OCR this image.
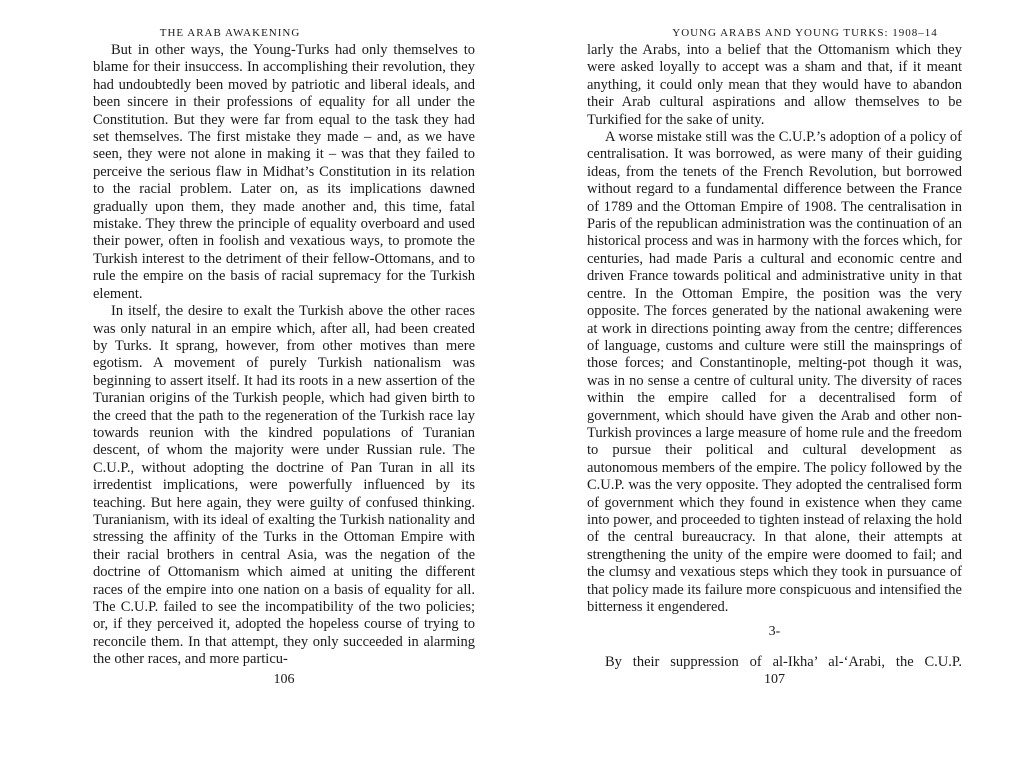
THE ARAB AWAKENING

But in other ways, the Young-Turks had only themselves to blame for their insuccess. In accomplishing their revolution, they had undoubtedly been moved by patriotic and liberal ideals, and been sincere in their professions of equality for all under the Constitution. But they were far from equal to the task they had set themselves. The first mistake they made – and, as we have seen, they were not alone in making it – was that they failed to perceive the serious flaw in Midhat’s Constitution in its relation to the racial problem. Later on, as its implications dawned gradually upon them, they made another and, this time, fatal mistake. They threw the principle of equality overboard and used their power, often in foolish and vexatious ways, to promote the Turkish interest to the detriment of their fellow-Ottomans, and to rule the empire on the basis of racial supremacy for the Turkish element.

In itself, the desire to exalt the Turkish above the other races was only natural in an empire which, after all, had been created by Turks. It sprang, however, from other motives than mere egotism. A movement of purely Turkish nationalism was beginning to assert itself. It had its roots in a new assertion of the Turanian origins of the Turkish people, which had given birth to the creed that the path to the regeneration of the Turkish race lay towards reunion with the kindred populations of Turanian descent, of whom the majority were under Russian rule. The C.U.P., without adopting the doctrine of Pan Turan in all its irredentist implications, were powerfully influenced by its teaching. But here again, they were guilty of confused thinking. Turanianism, with its ideal of exalting the Turkish nationality and stressing the affinity of the Turks in the Ottoman Empire with their racial brothers in central Asia, was the negation of the doctrine of Ottomanism which aimed at uniting the different races of the empire into one nation on a basis of equality for all. The C.U.P. failed to see the incompatibility of the two policies; or, if they perceived it, adopted the hopeless course of trying to reconcile them. In that attempt, they only succeeded in alarming the other races, and more particu-

106
YOUNG ARABS AND YOUNG TURKS: 1908–14

larly the Arabs, into a belief that the Ottomanism which they were asked loyally to accept was a sham and that, if it meant anything, it could only mean that they would have to abandon their Arab cultural aspirations and allow themselves to be Turkified for the sake of unity.

A worse mistake still was the C.U.P.’s adoption of a policy of centralisation. It was borrowed, as were many of their guiding ideas, from the tenets of the French Revolution, but borrowed without regard to a fundamental difference between the France of 1789 and the Ottoman Empire of 1908. The centralisation in Paris of the republican administration was the continuation of an historical process and was in harmony with the forces which, for centuries, had made Paris a cultural and economic centre and driven France towards political and administrative unity in that centre. In the Ottoman Empire, the position was the very opposite. The forces generated by the national awakening were at work in directions pointing away from the centre; differences of language, customs and culture were still the mainsprings of those forces; and Constantinople, melting-pot though it was, was in no sense a centre of cultural unity. The diversity of races within the empire called for a decentralised form of government, which should have given the Arab and other non-Turkish provinces a large measure of home rule and the freedom to pursue their political and cultural development as autonomous members of the empire. The policy followed by the C.U.P. was the very opposite. They adopted the centralised form of government which they found in existence when they came into power, and proceeded to tighten instead of relaxing the hold of the central bureaucracy. In that alone, their attempts at strengthening the unity of the empire were doomed to fail; and the clumsy and vexatious steps which they took in pursuance of that policy made its failure more conspicuous and intensified the bitterness it engendered.

3-

By their suppression of al-Ikha’ al-‘Arabi, the C.U.P.

107
